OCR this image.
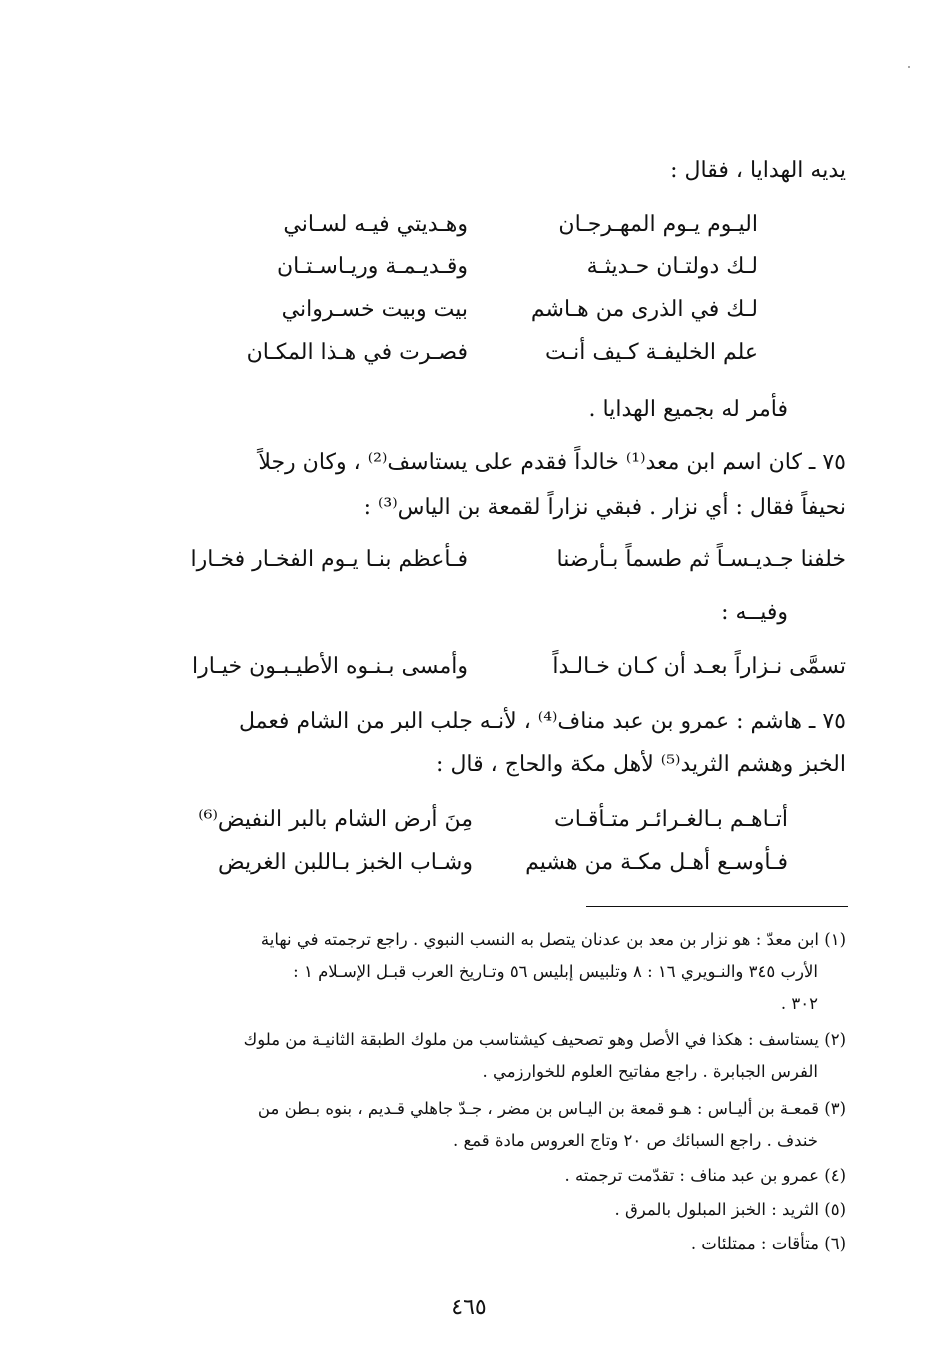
يديه الهدايا ، فقال :
اليـوم يـوم المهـرجـان
وهـديتي فيـه لسـاني
لـك دولتـان حـديثـة
وقـديـمـة وريـاسـتـان
لـك في الذرى من هـاشم
بيت وبيت خسـرواني
علم الخليفـة كـيف أنـت
فصـرت في هـذا المكـان
فأمر له بجميع الهدايا .
٧٥ ـ كان اسم ابن معد⁽¹⁾ خالداً فقدم على يستاسف⁽²⁾ ، وكان رجلاً
نحيفاً فقال : أي نزار . فبقي نزاراً لقمعة بن الياس⁽³⁾ :
خلفنا جـديـسـاً ثم طسماً بـأرضنا
فـأعظم بنـا يـوم الفخـار فخـارا
وفيــه :
تسمَّى نـزاراً بعـد أن كـان خـالـداً
وأمسى بـنـوه الأطيـبـون خيـارا
٧٥ ـ هاشم : عمرو بن عبد مناف⁽⁴⁾ ، لأنـه جلب البر من الشام فعمل
الخبز وهشم الثريد⁽⁵⁾ لأهل مكة والحاج ، قال :
أتـاهـم بـالغـرائـر متـأقـات
مِنَ أرض الشام بالبر النفيض⁽⁶⁾
فـأوسـع أهـل مكـة من هشيم
وشـاب الخبز بـاللبن الغريض
(١) ابن معدّ : هو نزار بن معد بن عدنان يتصل به النسب النبوي . راجع ترجمته في نهاية
الأرب ٣٤٥ والنـويري ١٦ : ٨ وتلبيس إبليس ٥٦ وتـاريخ العرب قبـل الإسـلام ١ :
٣٠٢ .
(٢) يستاسف : هكذا في الأصل وهو تصحيف كيشتاسب من ملوك الطبقة الثانيـة من ملوك
الفرس الجبابرة . راجع مفاتيح العلوم للخوارزمي .
(٣) قمعـة بن أليـاس : هـو قمعة بن اليـاس بن مضر ، جـدّ جاهلي قـديم ، بنوه بـطن من
خندف . راجع السبائك ص ٢٠ وتاج العروس مادة قمع .
(٤) عمرو بن عبد مناف : تقدّمت ترجمته .
(٥) الثريد : الخبز المبلول بالمرق .
(٦) متأقات : ممتلئات .
٤٦٥
